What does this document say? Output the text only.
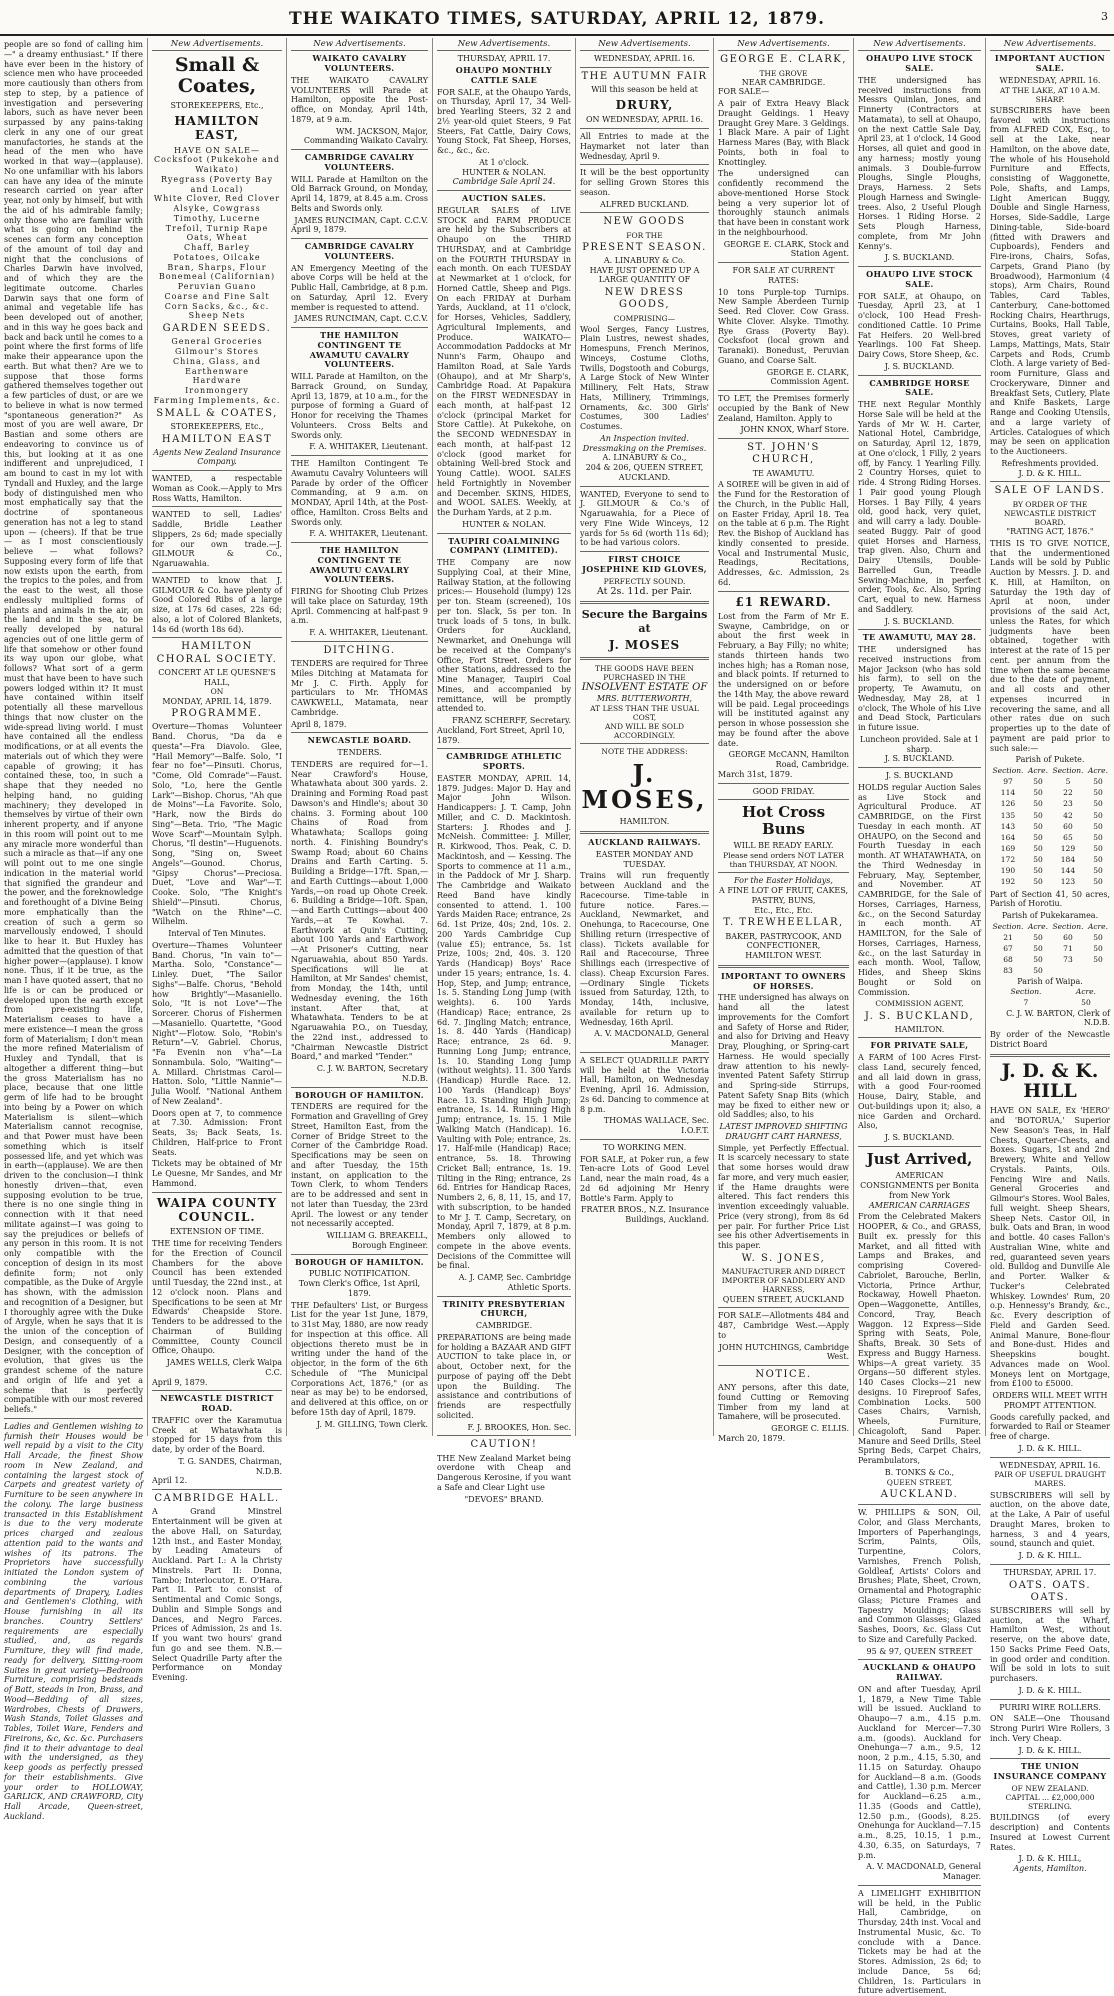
THE WAIKATO TIMES, SATURDAY, APRIL 12, 1879.	3
people are so fond of calling him—" a dreamy enthusiast." If there have ever been in the history of science men who have proceeded more cautiously than others from step to step, by a patience of investigation and persevering labors, such as have never been surpassed by any pains-taking clerk in any one of our great manufactories, he stands at the head of the men who have worked in that way—(applause). No one unfamiliar with his labors can have any idea of the minute research carried on year after year, not only by himself, but with the aid of his admirable family; only those who are familiar with what is going on behind the scenes can form any conception of the amount of toil day and night that the conclusions of Charles Darwin have involved, and of which they are the legitimate outcome. Charles Darwin says that one form of animal and vegetable life has been developed out of another, and in this way he goes back and back and back until he comes to a point where the first forms of life make their appearance upon the earth. But what then? Are we to suppose that those forms gathered themselves together out a few particles of dust, or are we to believe in what is now termed "spontaneous generation?" As most of you are well aware, Dr Bastian and some others are endeavoring to convince us of this, but looking at it as one indifferent and unprejudiced, I am bound to cast in my lot with Tyndall and Huxley, and the large body of distinguished men who most emphatically say that the doctrine of spontaneous generation has not a leg to stand upon — (cheers). If that be true — as I most conscientiously believe — what follows? Supposing every form of life that now exists upon the earth, from the tropics to the poles, and from the east to the west, all those endlessly multiplied forms of plants and animals in the air, on the land and in the sea, to be really developed by natural agencies out of one little germ of life that somehow or other found its way upon our globe, what follows? What sort of a germ must that have been to have such powers lodged within it? It must have contained within itself potentially all these marvellous things that now cluster on the wide-spread living world. I must have contained all the endless modifications, or at all events the materials out of which they were capable of growing; it has contained these, too, in such a shape that they needed no helping hand, no guiding machinery; they developed in themselves by virtue of their own inherent property, and if anyone in this room will point out to me any miracle more wonderful than such a miracle as that—if any one will point out to me one single indication in the material world that signified the grandeur and the power, and the foreknowledge and forethought of a Divine Being more emphatically than the creation of such a germ so marvellously endowed, I should like to hear it. But Huxley has admitted that the question of that higher power—(applause). I know none. Thus, if it be true, as the man I have quoted assert, that no life is or can be produced or developed upon the earth except from pre-existing life, Materialism ceases to have a mere existence—I mean the gross form of Materialism; I don't mean the more refined Materialism of Huxley and Tyndall, that is altogether a different thing—but the gross Materialism has no place, because that one little germ of life had to be brought into being by a Power on which Materialism is silent—which Materialism cannot recognise, and that Power must have been something which is itself possessed life, and yet which was in earth—(applause). We are then driven to the conclusion—I think honestly driven—that, even supposing evolution to be true, there is no one single thing in connection with it that need militate against—I was going to say the prejudices or beliefs of any person in this room. It is not only compatible with the conception of design in its most definite form; not only compatible, as the Duke of Argyle has shown, with the admission and recognition of a Designer, but I thoroughly agree with the Duke of Argyle, when he says that it is the union of the conception of Design, and consequently of a Designer, with the conception of evolution, that gives us the grandest scheme of the nature and origin of life and yet a scheme that is perfectly compatible with our most revered beliefs."
Ladies and Gentlemen wishing to furnish their Houses would be well repaid by a visit to the City Hall Arcade, the finest Show room in New Zealand, and containing the largest stock of Carpets and greatest variety of Furniture to be seen anywhere in the colony. The large business transacted in this Establishment is due to the very moderate prices charged and zealous attention paid to the wants and wishes of its patrons. The Proprietors have successfully initiated the London system of combining the various departments of Drapery, Ladies and Gentlemen's Clothing, with House furnishing in all its branches. Country Settlers' requirements are especially studied, and, as regards Furniture, they will find made, ready for delivery, Sitting-room Suites in great variety—Bedroom Furniture, comprising bedsteads of Batt, steads in Iron, Brass, and Wood—Bedding of all sizes, Wardrobes, Chests of Drawers, Wash Stands, Toilet Glasses and Tables, Toilet Ware, Fenders and Fireirons, &c, &c. &c. Purchasers find it to their advantage to deal with the undersigned, as they keep goods as perfectly pressed for their establishments. Give your order to HOLLOWAY, GARLICK, AND CRAWFORD, City Hall Arcade, Queen-street, Auckland.
New Advertisements.
Small & Coates,
STOREKEEPERS, Etc.,
HAMILTON EAST,
HAVE ON SALE—
Cocksfoot (Pukekohe and Waikato)
Ryegrass (Poverty Bay and Local)
White Clover, Red Clover
Alsyke, Cowgrass
Timothy, Lucerne
Trefoil, Turnip Rape
Oats, Wheat
Chaff, Barley
Potatoes, Oilcake
Bran, Sharps, Flour
Bonemeal (Californian)
Peruvian Guano
Coarse and Fine Salt
Corn Sacks, &c., &c.
Sheep Nets
GARDEN SEEDS.
General Groceries
Gilmour's Stores
China, Glass, and
Earthenware
Hardware
Ironmongery
Farming Implements, &c.
SMALL & COATES,
STOREKEEPERS, Etc.,
HAMILTON EAST
Agents New Zealand Insurance Company.
WANTED, a respectable Woman as Cook.—Apply to Mrs Ross Watts, Hamilton.
WANTED to sell, Ladies' Saddle, Bridle Leather Slippers, 2s 6d; made specially for our own trade.—J. GILMOUR & Co., Ngaruawahia.
WANTED to know that J. GILMOUR & Co. have plenty of Good Colored Ribs of a large size, at 17s 6d cases, 22s 6d; also, a lot of Colored Blankets, 14s 6d (worth 18s 6d).
HAMILTON CHORAL SOCIETY.
CONCERT AT LE QUESNE'S HALL,
ON
MONDAY, APRIL 14, 1879.
PROGRAMME.
Overture—Thomas Volunteer Band. Chorus, "Da da e questa"—Fra Diavolo. Glee, "Hail Memory"—Balfe. Solo, "I fear no foe"—Pinsuti. Chorus, "Come, Old Comrade"—Faust. Solo, "Lo, here the Gentle Lark"—Bishop. Chorus, "Ah que de Moins"—La Favorite. Solo, "Hark, now the Birds do Sing"—Beta. Trio, "The Magic Wove Scarf"—Mountain Sylph. Chorus, "Il destin"—Huguenots. Song, "Sing on, Sweet Angels"—Gounod. Chorus, "Gipsy Chorus"—Preciosa. Duet, "Love and War"—T. Cooke. Solo, "The Knight's Shield"—Pinsuti. Chorus, "Watch on the Rhine"—C. Wilhelm.
Interval of Ten Minutes.
Overture—Thames Volunteer Band. Chorus, "In vain to"—Martha. Solo, "Constance"—Linley. Duet, "The Sailor Sighs"—Balfe. Chorus, "Behold how Brightly"—Masaniello. Solo, "It is not Love"—The Sorcerer. Chorus of Fishermen—Masaniello. Quartette, "Good Night"—Flotow. Solo, "Robin's Return"—V. Gabriel. Chorus, "Fa Evenin non v'ha"—La Sonnambula. Solo, "Waiting"—A. Millard. Christmas Carol—Hatton. Solo, "Little Nannie"—Julia Woolf. "National Anthem of New Zealand".
Doors open at 7, to commence at 7.30. Admission: Front Seats, 3s; Back Seats, 1s. Children, Half-price to Front Seats.
Tickets may be obtained of Mr Le Quesne, Mr Sandes, and Mr Hammond.
WAIPA COUNTY COUNCIL.
EXTENSION OF TIME.
THE time for receiving Tenders for the Erection of Council Chambers for the above Council has been extended until Tuesday, the 22nd inst., at 12 o'clock noon. Plans and Specifications to be seen at Mr Edwards' Cheapside Store. Tenders to be addressed to the Chairman of Building Committee, County Council Office, Ohaupo.
JAMES WELLS, Clerk Waipa C.C.
April 9, 1879.
NEWCASTLE DISTRICT ROAD.
TRAFFIC over the Karamutua Creek at Whatawhata is stopped for 15 days from this date, by order of the Board.
T. G. SANDES, Chairman, N.D.B.
April 12.
CAMBRIDGE HALL.
A Grand Minstrel Entertainment will be given at the above Hall, on Saturday, 12th inst., and Easter Monday, by Leading Amateurs of Auckland. Part I.: A la Christy Minstrels. Part II: Donna, Tambo; Interlocutor, E. O'Hara. Part II. Part to consist of Sentimental and Comic Songs, Dublin and Simple Songs and Dances, and Negro Farces. Prices of Admission, 2s and 1s. If you want two hours' grand fun go and see them. N.B.—Select Quadrille Party after the Performance on Monday Evening.
New Advertisements.
WAIKATO CAVALRY VOLUNTEERS.
THE WAIKATO CAVALRY VOLUNTEERS will Parade at Hamilton, opposite the Post-office, on Monday, April 14th, 1879, at 9 a.m.
WM. JACKSON, Major, Commanding Waikato Cavalry.
CAMBRIDGE CAVALRY VOLUNTEERS.
WILL Parade at Hamilton on the Old Barrack Ground, on Monday, April 14, 1879, at 8.45 a.m. Cross Belts and Swords only.
JAMES RUNCIMAN, Capt. C.C.V.
April 9, 1879.
CAMBRIDGE CAVALRY VOLUNTEERS.
AN Emergency Meeting of the above Corps will be held at the Public Hall, Cambridge, at 8 p.m. on Saturday, April 12. Every member is requested to attend.
JAMES RUNCIMAN, Capt. C.C.V.
THE HAMILTON CONTINGENT TE AWAMUTU CAVALRY VOLUNTEERS.
WILL Parade at Hamilton, on the Barrack Ground, on Sunday, April 13, 1879, at 10 a.m., for the purpose of forming a Guard of Honor for receiving the Thames Volunteers. Cross Belts and Swords only.
F. A. WHITAKER, Lieutenant.
THE Hamilton Contingent Te Awamutu Cavalry Volunteers will Parade by order of the Officer Commanding, at 9 a.m. on MONDAY, April 14th, at the Post-office, Hamilton. Cross Belts and Swords only.
F. A. WHITAKER, Lieutenant.
THE HAMILTON CONTINGENT TE AWAMUTU CAVALRY VOLUNTEERS.
FIRING for Shooting Club Prizes will take place on Saturday, 19th April. Commencing at half-past 9 a.m.
F. A. WHITAKER, Lieutenant.
DITCHING.
TENDERS are required for Three Miles Ditching at Matamata for Mr J. C. Firth. Apply for particulars to Mr. THOMAS CAWKWELL, Matamata, near Cambridge.
April 8, 1879.
NEWCASTLE BOARD.
TENDERS.
TENDERS are required for—1. Near Crawford's House, Whatawhata about 300 yards. 2. Draining and Forming Road past Dawson's and Hindle's; about 30 chains. 3. Forming about 100 Chains of Road from Whatawhata; Scallops going north. 4. Finishing Boundry's Swamp Road; about 60 Chains Drains and Earth Carting. 5. Building a Bridge—17ft. Span,—and Earth Cuttings—about 1,000 Yards,—on road up Ohote Creek. 6. Building a Bridge—10ft. Span,—and Earth Cuttings—about 400 Yards,—at Te Kowhai. 7. Earthwork at Quin's Cutting, about 100 Yards and Earthwork—At Prisoner's Cutting, near Ngaruawahia, about 850 Yards. Specifications will lie at Hamilton, at Mr Sandes' chemist, from Monday, the 14th, until Wednesday evening, the 16th instant. After that, at Whatawhata. Tenders to be at Ngaruawahia P.O., on Tuesday, the 22nd inst., addressed to "Chairman Newcastle District Board," and marked "Tender."
C. J. W. BARTON, Secretary N.D.B.
BOROUGH OF HAMILTON.
TENDERS are required for the Formation and Gravelling of Grey Street, Hamilton East, from the Corner of Bridge Street to the Corner of the Cambridge Road. Specifications may be seen on and after Tuesday, the 15th instant, on application to the Town Clerk, to whom Tenders are to be addressed and sent in not later than Tuesday, the 23rd April. The lowest or any tender not necessarily accepted.
WILLIAM G. BREAKELL, Borough Engineer.
BOROUGH OF HAMILTON.
PUBLIC NOTIFICATION.
Town Clerk's Office, 1st April, 1879.
THE Defaulters' List, or Burgess List for the year 1st June, 1879, to 31st May, 1880, are now ready for inspection at this office. All objections thereto must be in writing under the hand of the objector, in the form of the 6th Schedule of "The Municipal Corporations Act, 1876," (or as near as may be) to be endorsed, and delivered at this office, on or before 15th day of April, 1879.
J. M. GILLING, Town Clerk.
New Advertisements.
THURSDAY, APRIL 17.
OHAUPO MONTHLY CATTLE SALE
FOR SALE, at the Ohaupo Yards, on Thursday, April 17, 34 Well-bred Yearling Steers, 32 2 and 2½ year-old quiet Steers, 9 Fat Steers, Fat Cattle, Dairy Cows, Young Stock, Fat Sheep, Horses, &c., &c., &c.
At 1 o'clock.
HUNTER & NOLAN.
Cambridge Sale April 24.
AUCTION SALES.
REGULAR SALES of LIVE STOCK and FARM PRODUCE are held by the Subscribers at Ohaupo on the THIRD THURSDAY, and at Cambridge on the FOURTH THURSDAY in each month. On each TUESDAY at Newmarket at 1 o'clock, for Horned Cattle, Sheep and Pigs. On each FRIDAY at Durham Yards, Auckland, at 11 o'clock, for Horses, Vehicles, Saddlery, Agricultural Implements, and Produce. WAIKATO—Accommodation Paddocks at Mr Nunn's Farm, Ohaupo and Hamilton Road, at Sale Yards (Ohaupo), and at Mr Sharp's, Cambridge Road. At Papakura on the FIRST WEDNESDAY in each month, at half-past 12 o'clock (principal Market for Store Cattle). At Pukekohe, on the SECOND WEDNESDAY in each month, at half-past 12 o'clock (good market for obtaining Well-bred Stock and Young Cattle). WOOL SALES held Fortnightly in November and December. SKINS, HIDES, and WOOL SALES. Weekly, at the Durham Yards, at 2 p.m.
HUNTER & NOLAN.
TAUPIRI COALMINING COMPANY (LIMITED).
THE Company are now Supplying Coal, at their Mine, Railway Station, at the following prices:— Household (lumpy) 12s per ton. Steam (screened), 10s per ton. Slack, 5s per ton. In truck loads of 5 tons, in bulk. Orders for Auckland, Newmarket, and Onehunga will be received at the Company's Office, Fort Street. Orders for other Stations, addressed to the Mine Manager, Taupiri Coal Mines, and accompanied by remittance, will be promptly attended to.
FRANZ SCHERFF, Secretary.
Auckland, Fort Street, April 10, 1879.
CAMBRIDGE ATHLETIC SPORTS.
EASTER MONDAY, APRIL 14, 1879. Judges: Major D. Hay and Major John Wilson. Handicappers: J. T. Camp, John Miller, and C. D. Mackintosh. Starters: J. Rhodes and J. McNeish. Committee: J. Miller, R. Kirkwood, Thos. Peak, C. D. Mackintosh, and — Kessing. The Sports to commence at 11 a.m., in the Paddock of Mr J. Sharp. The Cambridge and Waikato Reed Band have kindly consented to attend. 1. 100 Yards Maiden Race; entrance, 2s 6d. 1st Prize, 40s; 2nd, 10s. 2. 200 Yards Cambridge Cup (value £5); entrance, 5s. 1st Prize, 100s; 2nd, 40s. 3. 120 Yards (Handicap) Boys' Race under 15 years; entrance, 1s. 4. Hop, Step, and Jump; entrance, 1s. 5. Standing Long Jump (with weights). 6. 100 Yards (Handicap) Race; entrance, 2s 6d. 7. Jingling Match; entrance, 1s. 8. 440 Yards (Handicap) Race; entrance, 2s 6d. 9. Running Long Jump; entrance, 1s. 10. Standing Long Jump (without weights). 11. 300 Yards (Handicap) Hurdle Race. 12. 100 Yards (Handicap) Boys' Race. 13. Standing High Jump; entrance, 1s. 14. Running High Jump; entrance, 1s. 15. 1 Mile Walking Match (Handicap). 16. Vaulting with Pole; entrance, 2s. 17. Half-mile (Handicap) Race; entrance, 5s. 18. Throwing Cricket Ball; entrance, 1s. 19. Tilting in the Ring; entrance, 2s 6d. Entries for Handicap Races, Numbers 2, 6, 8, 11, 15, and 17, with subscription, to be handed to Mr J. T. Camp, Secretary, on Monday, April 7, 1879, at 8 p.m. Members only allowed to compete in the above events. Decisions of the Committee will be final.
A. J. CAMP, Sec. Cambridge Athletic Sports.
TRINITY PRESBYTERIAN CHURCH,
CAMBRIDGE.
PREPARATIONS are being made for holding a BAZAAR AND GIFT AUCTION to take place in, or about, October next, for the purpose of paying off the Debt upon the Building. The assistance and contributions of friends are respectfully solicited.
F. J. BROOKES, Hon. Sec.
CAUTION!
THE New Zealand Market being overdone with Cheap and Dangerous Kerosine, if you want a Safe and Clear Light use
"DEVOES" BRAND.
New Advertisements.
WEDNESDAY, APRIL 16.
THE AUTUMN FAIR
Will this season be held at
DRURY,
ON WEDNESDAY, APRIL 16.
All Entries to made at the Haymarket not later than Wednesday, April 9.
It will be the best opportunity for selling Grown Stores this season.
ALFRED BUCKLAND.
NEW GOODS
FOR THE
PRESENT SEASON.
A. LINABURY & Co.
HAVE JUST OPENED UP A LARGE QUANTITY OF
NEW DRESS GOODS,
COMPRISING—
Wool Serges, Fancy Lustres, Plain Lustres, newest shades, Homespuns, French Merinos, Winceys, Costume Cloths, Twills, Dogstooth and Coburgs, A Large Stock of New Winter Millinery, Felt Hats, Straw Hats, Millinery, Trimmings, Ornaments, &c. 300 Girls' Costumes, 300 Ladies' Costumes.
An Inspection invited.
Dressmaking on the Premises.
A. LINABURY & Co.,
204 & 206, QUEEN STREET, AUCKLAND.
WANTED, Everyone to send to J. GILMOUR & Co.'s of Ngaruawahia, for a Piece of very Fine Wide Winceys, 12 yards for 5s 6d (worth 11s 6d); to be had various colors.
FIRST CHOICE JOSEPHINE KID GLOVES,
PERFECTLY SOUND.
At 2s. 11d. per Pair.
Secure the Bargains at
J. MOSES
THE GOODS HAVE BEEN PURCHASED IN THE
INSOLVENT ESTATE OF
MRS. BUTTERWORTH,
AT LESS THAN THE USUAL COST,
AND WILL BE SOLD ACCORDINGLY.
NOTE THE ADDRESS:
J. MOSES,
HAMILTON.
AUCKLAND RAILWAYS.
EASTER MONDAY AND TUESDAY.
Trains will run frequently between Auckland and the Racecourse. Time-table in future notice. Fares.—Auckland, Newmarket, and Onehunga, to Racecourse, One Shilling return (irrespective of class). Tickets available for Rail and Racecourse, Three Shillings each (irrespective of class). Cheap Excursion Fares.—Ordinary Single Tickets issued from Saturday, 12th, to Monday, 14th, inclusive, available for return up to Wednesday, 16th April.
A. V. MACDONALD, General Manager.
A SELECT QUADRILLE PARTY will be held at the Victoria Hall, Hamilton, on Wednesday Evening, April 16. Admission, 2s 6d. Dancing to commence at 8 p.m.
THOMAS WALLACE, Sec. I.O.F.T.
TO WORKING MEN.
FOR SALE, at Poker run, a few Ten-acre Lots of Good Level Land, near the main road, 4s a 2d 6d adjoining Mr Henry Bottle's Farm. Apply to
FRATER BROS., N.Z. Insurance Buildings, Auckland.
New Advertisements.
GEORGE E. CLARK,
THE GROVE
NEAR CAMBRIDGE.
FOR SALE—
A pair of Extra Heavy Black Draught Geldings. 1 Heavy Draught Grey Mare. 3 Geldings. 1 Black Mare. A pair of Light Harness Mares (Bay, with Black Points, both in foal to Knottingley.
The undersigned can confidently recommend the above-mentioned Horse Stock being a very superior lot of thoroughly staunch animals that have been in constant work in the neighbourhood.
GEORGE E. CLARK, Stock and Station Agent.
FOR SALE AT CURRENT RATES:
10 tons Purple-top Turnips. New Sample Aberdeen Turnip Seed. Red Clover. Cow Grass. White Clover. Alsyke. Timothy. Rye Grass (Poverty Bay). Cocksfoot (local grown and Taranaki). Bonedust, Peruvian Guano, and Coarse Salt.
GEORGE E. CLARK, Commission Agent.
TO LET, the Premises formerly occupied by the Bank of New Zealand, Hamilton. Apply to
JOHN KNOX, Wharf Store.
ST. JOHN'S CHURCH,
TE AWAMUTU.
A SOIREE will be given in aid of the Fund for the Restoration of the Church, in the Public Hall, on Easter Friday, April 18. Tea on the table at 6 p.m. The Right Rev. the Bishop of Auckland has kindly consented to preside. Vocal and Instrumental Music, Readings, Recitations, Addresses, &c. Admission, 2s 6d.
£1 REWARD.
Lost from the Farm of Mr E. Swayne, Cambridge, on or about the first week in February, a Bay Filly; no white; stands thirteen hands two inches high; has a Roman nose, and black points. If returned to the undersigned on or before the 14th May, the above reward will be paid. Legal proceedings will be instituted against any person in whose possession she may be found after the above date.
GEORGE McCANN, Hamilton Road, Cambridge.
March 31st, 1879.
GOOD FRIDAY.
Hot Cross Buns
WILL BE READY EARLY.
Please send orders NOT LATER than THURSDAY, AT NOON.
For the Easter Holidays,
A FINE LOT OF FRUIT, CAKES, PASTRY, BUNS,
Etc., Etc., Etc.
T. TREWHEELLAR,
BAKER, PASTRYCOOK, AND CONFECTIONER,
HAMILTON WEST.
IMPORTANT TO OWNERS OF HORSES.
THE undersigned has always on hand all the latest improvements for the Comfort and Safety of Horse and Rider, and also for Driving and Heavy Dray, Ploughing, or Spring-cart Harness. He would specially draw attention to his newly-invented Patent Safety Stirrup and Spring-side Stirrups, Patent Safety Snap Bits (which may be fixed to either new or old Saddles; also, to his
LATEST IMPROVED SHIFTING DRAUGHT CART HARNESS,
Simple, yet Perfectly Effectual. It is scarcely necessary to state that some horses would draw far more, and very much easier, if the Hame draughts were altered. This fact renders this invention exceedingly valuable. Price (very strong), from 8s 6d per pair. For further Price List see his other Advertisements in this paper.
W. S. JONES,
MANUFACTURER AND DIRECT IMPORTER OF SADDLERY AND HARNESS,
QUEEN STREET, AUCKLAND
FOR SALE—Allotments 484 and 487, Cambridge West.—Apply to
JOHN HUTCHINGS, Cambridge West.
NOTICE.
ANY persons, after this date, found Cutting or Removing Timber from my land at Tamahere, will be prosecuted.
GEORGE C. ELLIS.
March 20, 1879.
New Advertisements.
OHAUPO LIVE STOCK SALE.
THE undersigned has received instructions from Messrs Quinlan, Jones, and Finnerty (Contractors at Matamata), to sell at Ohaupo, on the next Cattle Sale Day, April 23, at 1 o'clock, 14 Good Horses, all quiet and good in any harness; mostly young animals. 3 Double-furrow Ploughs, Single Ploughs, Drays, Harness. 2 Sets Plough Harness and Swingle-trees. Also, 2 Useful Plough Horses. 1 Riding Horse. 2 Sets Plough Harness, complete, from Mr John Kenny's.
J. S. BUCKLAND.
OHAUPO LIVE STOCK SALE.
FOR SALE, at Ohaupo, on Tuesday, April 23, at 1 o'clock, 100 Head Fresh-conditioned Cattle. 10 Prime Fat Heifers. 20 Well-bred Yearlings. 100 Fat Sheep. Dairy Cows, Store Sheep, &c.
J. S. BUCKLAND.
CAMBRIDGE HORSE SALE.
THE next Regular Monthly Horse Sale will be held at the Yards of Mr W. H. Carter, National Hotel, Cambridge, on Saturday, April 12, 1879, at One o'clock, 1 Filly, 2 years off, by Fancy. 1 Yearling Filly. 2 Country Horses, quiet to ride. 4 Strong Riding Horses. 1 Pair good young Plough Horses. 1 Bay Filly, 4 years old, good hack, very quiet, and will carry a lady. Double-seated Buggy. Pair of good quiet Horses and Harness, trap given. Also, Churn and Dairy Utensils, Double-Barrelled Gun, Treadle Sewing-Machine, in perfect order, Tools, &c. Also, Spring Cart, equal to new. Harness and Saddlery.
J. S. BUCKLAND.
TE AWAMUTU, MAY 28.
THE undersigned has received instructions from Major Jackson (who has sold his farm), to sell on the property, Te Awamutu, on Wednesday, May 28, at 1 o'clock, The Whole of his Live and Dead Stock, Particulars in future issue.
Luncheon provided. Sale at 1 sharp.
J. S. BUCKLAND.
J. S. BUCKLAND
HOLDS regular Auction Sales as Live Stock and Agricultural Produce. AT CAMBRIDGE, on the First Tuesday in each month. AT OHAUPO, on the Second and Fourth Tuesday in each month. AT WHATAWHATA, on the Third Wednesday in February, May, September, and November. AT CAMBRIDGE, for the Sale of Horses, Carriages, Harness, &c., on the Second Saturday in each month. AT HAMILTON, for the Sale of Horses, Carriages, Harness, &c., on the last Saturday in each month. Wool, Tallow, Hides, and Sheep Skins Bought or Sold on Commission.
COMMISSION AGENT,
J. S. BUCKLAND,
HAMILTON.
FOR PRIVATE SALE,
A FARM of 100 Acres First-class Land, securely fenced, and all laid down in grass, with a good Four-roomed House, Dairy, Stable, and Out-buildings upon it; also, a nice Garden and Orchard. Also,
J. S. BUCKLAND.
Just Arrived,
AMERICAN CONSIGNMENTS per Bonita from New York
AMERICAN CARRIAGES
From the Celebrated Makers HOOPER, & Co., and GRASS, Built ex. pressly for this Market, and all fitted with Lamps and Brakes, and comprising Covered-Cabriolet, Barouche, Berlin, Victoria, Prince Arthur, Rockaway, Howell Phaeton. Open—Waggonette, Antilles, Concord, Tray, Beach Waggon. 12 Express—Side Spring with Seats, Pole, Shafts, Break. 30 Sets of Express and Buggy Harness. Whips—A great variety. 35 Organs—50 different styles. 140 Cases Clocks—21 new designs. 10 Fireproof Safes, Combination Locks. 500 Cases Chairs, Varnish, Wheels, Furniture, Chicagoloft, Sand Paper. Manure and Seed Drills, Steel Spring Beds, Carpet Chairs, Perambulators,
B. TONKS & Co.,
QUEEN STREET,
AUCKLAND.
W. PHILLIPS & SON, Oil, Color, and Glass Merchants, Importers of Paperhangings, Scrim, Paints, Oils, Turpentine, Colors, Varnishes, French Polish, Goldleaf, Artists' Colors and Brushes; Plate, Sheet, Crown, Ornamental and Photographic Glass; Picture Frames and Tapestry Mouldings; Glass and Common Glasses; Glazed Sashes, Doors, &c. Glass Cut to Size and Carefully Packed.
95 & 97, QUEEN STREET
AUCKLAND & OHAUPO RAILWAY.
ON and after Tuesday, April 1, 1879, a New Time Table will be issued. Auckland to Ohaupo—7 a.m., 4.15 p.m. Auckland for Mercer—7.30 a.m. (goods). Auckland for Onehunga—7 a.m., 9.5, 12 noon, 2 p.m., 4.15, 5.30, and 11.15 on Saturday. Ohaupo for Auckland—8 a.m. (Goods and Cattle), 1.30 p.m. Mercer for Auckland—6.25 a.m., 11.35 (Goods and Cattle), 12.50 p.m., (Goods), 8.25. Onehunga for Auckland—7.15 a.m., 8.25, 10.15, 1 p.m., 4.30, 6.35, on Saturdays, 7 p.m.
A. V. MACDONALD, General Manager.
A LIMELIGHT EXHIBITION will be held, in the Public Hall, Cambridge, on Thursday, 24th inst. Vocal and Instrumental Music, &c. To conclude with a Dance. Tickets may be had at the Stores. Admission, 2s 6d; to include Dance, 5s 6d; Children, 1s. Particulars in future advertisement.
New Advertisements.
IMPORTANT AUCTION SALE.
WEDNESDAY, APRIL 16.
AT THE LAKE, AT 10 A.M. SHARP.
SUBSCRIBERS have been favored with instructions from ALFRED COX, Esq., to sell at the Lake, near Hamilton, on the above date, The whole of his Household Furniture and Effects, consisting of Waggonette, Pole, Shafts, and Lamps, Light American Buggy, Double and Single Harness, Horses, Side-Saddle, Large Dining-table, Side-board (fitted with Drawers and Cupboards), Fenders and Fire-irons, Chairs, Sofas, Carpets, Grand Piano (by Broadwood), Harmonium (4 stops), Arm Chairs, Round Tables, Card Tables, Canterbury, Cane-bottomed Rocking Chairs, Hearthrugs, Curtains, Books, Hall Table, Stoves, great variety of Lamps, Mattings, Mats, Stair Carpets and Rods, Crumb Cloth. A large variety of Bed-room Furniture, Glass and Crockeryware, Dinner and Breakfast Sets, Cutlery, Plate and Knife Baskets, Large Range and Cooking Utensils, and a large variety of Articles. Catalogues of which may be seen on application to the Auctioneers.
Refreshments provided.
J. D. & K. HILL.
SALE OF LANDS.
BY ORDER OF THE NEWCASTLE DISTRICT BOARD.
"RATING ACT, 1876."
THIS IS TO GIVE NOTICE, that the undermentioned Lands will be sold by Public Auction by Messrs. J. D. and K. Hill, at Hamilton, on Saturday the 19th day of April at noon, under provisions of the said Act, unless the Rates, for which judgments have been obtained, together with interest at the rate of 15 per cent. per annum from the time when the same became due to the date of payment, and all costs and other expenses incurred in recovering the same, and all other rates due on such properties up to the date of payment are paid prior to such sale:—
Parish of Pukete.
Section.	Acre.	Section.	Acre.
97	50	5	50
114	50	22	50
126	50	23	50
135	50	42	50
143	50	60	50
164	50	65	50
169	50	129	50
172	50	184	50
190	50	144	50
192	50	123	50
Part of Section 41, 50 acres, Parish of Horotiu.
Parish of Pukekaramea.
Section.	Acre.	Section.	Acre.
21	50	60	50
67	50	71	50
68	50	73	50
83	50		
Parish of Waipa.
Section.	Acre.
7	50
C. J. W. BARTON, Clerk of N.D.B.
By order of the Newcastle District Board
J. D. & K. HILL
HAVE ON SALE, Ex 'HERO' and 'BOTORUA,' Superior New Season's Teas, in Half Chests, Quarter-Chests, and Boxes. Sugars, 1st and 2nd Brewery, White and Yellow Crystals. Paints, Oils. Fencing Wire and Nails. General Groceries and Gilmour's Stores. Wool Bales, full weight. Sheep Shears, Sheep Nets. Castor Oil, in bulk. Oats and Bran, in wood and bottle. 40 cases Fallon's Australian Wine, white and red, guaranteed seven years old. Bulldog and Dunville Ale and Porter. Walker & Tucker's Celebrated Whiskey. Lowndes' Rum, 20 o.p. Hennessy's Brandy, &c., &c. Every description of Field and Garden Seed. Animal Manure, Bone-flour and Bone-dust. Hides and Sheepskins bought. Advances made on Wool. Moneys lent on Mortgage, from £100 to £5000.
ORDERS WILL MEET WITH PROMPT ATTENTION.
Goods carefully packed, and forwarded to Rail or Steamer free of charge.
J. D. & K. HILL.
WEDNESDAY, APRIL 16.
PAIR OF USEFUL DRAUGHT MARES.
SUBSCRIBERS will sell by auction, on the above date, at the Lake, A Pair of useful Draught Mares, broken to harness, 3 and 4 years, sound, staunch and quiet.
J. D. & K. HILL.
THURSDAY, APRIL 17.
OATS. OATS. OATS.
SUBSCRIBERS will sell by auction, at the Wharf, Hamilton West, without reserve, on the above date, 150 Sacks Prime Feed Oats, in good order and condition. Will be sold in lots to suit purchasers.
J. D. & K. HILL.
PURIRI WIRE ROLLERS.
ON SALE—One Thousand Strong Puriri Wire Rollers, 3 inch. Very Cheap.
J. D. & K. HILL.
THE UNION INSURANCE COMPANY
OF NEW ZEALAND.
CAPITAL ... £2,000,000 STERLING.
BUILDINGS (of every description) and Contents Insured at Lowest Current Rates.
J. D. & K. HILL,
Agents, Hamilton.
